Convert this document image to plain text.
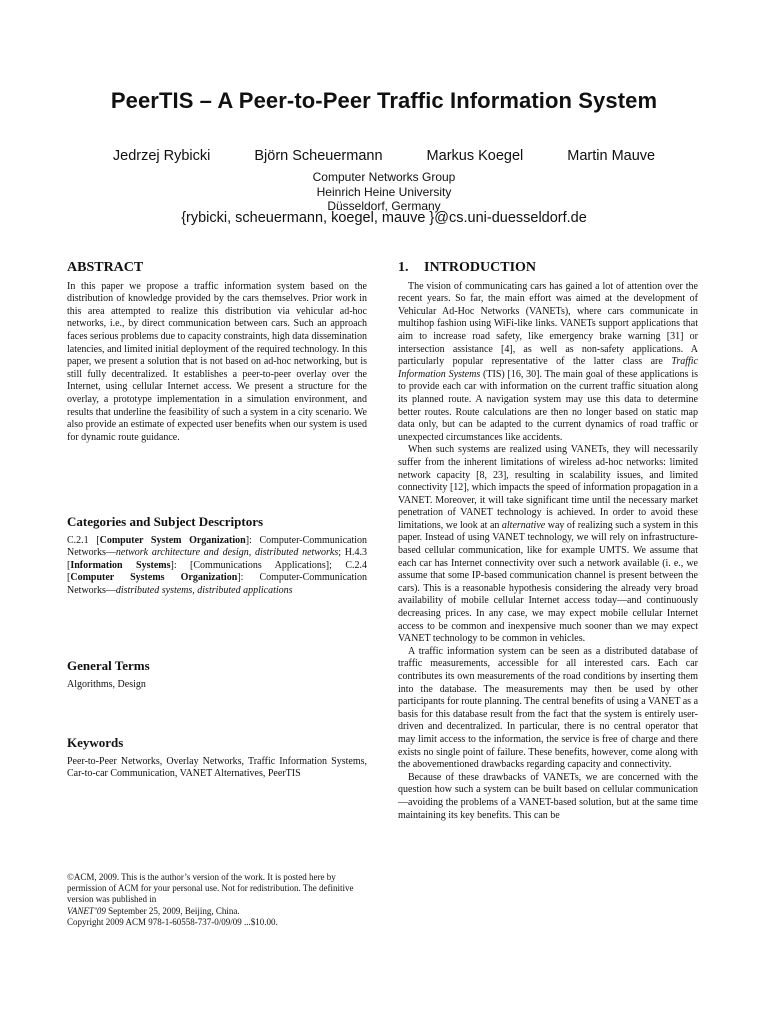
PeerTIS – A Peer-to-Peer Traffic Information System
Jedrzej Rybicki	Björn Scheuermann	Markus Koegel	Martin Mauve
Computer Networks Group
Heinrich Heine University
Düsseldorf, Germany
{rybicki, scheuermann, koegel, mauve }@cs.uni-duesseldorf.de
ABSTRACT

In this paper we propose a traffic information system based on the distribution of knowledge provided by the cars themselves. Prior work in this area attempted to realize this distribution via vehicular ad-hoc networks, i.e., by direct communication between cars. Such an approach faces serious problems due to capacity constraints, high data dissemination latencies, and limited initial deployment of the required technology. In this paper, we present a solution that is not based on ad-hoc networking, but is still fully decentralized. It establishes a peer-to-peer overlay over the Internet, using cellular Internet access. We present a structure for the overlay, a prototype implementation in a simulation environment, and results that underline the feasibility of such a system in a city scenario. We also provide an estimate of expected user benefits when our system is used for dynamic route guidance.

Categories and Subject Descriptors

C.2.1 [Computer System Organization]: Computer-Communication Networks—network architecture and design, distributed networks; H.4.3 [Information Systems]: [Communications Applications]; C.2.4 [Computer Systems Organization]: Computer-Communication Networks—distributed systems, distributed applications

General Terms

Algorithms, Design

Keywords

Peer-to-Peer Networks, Overlay Networks, Traffic Information Systems, Car-to-car Communication, VANET Alternatives, PeerTIS

©ACM, 2009. This is the author’s version of the work. It is posted here by permission of ACM for your personal use. Not for redistribution. The definitive version was published in
VANET’09 September 25, 2009, Beijing, China.
Copyright 2009 ACM 978-1-60558-737-0/09/09 ...$10.00.

1. INTRODUCTION

The vision of communicating cars has gained a lot of attention over the recent years. So far, the main effort was aimed at the development of Vehicular Ad-Hoc Networks (VANETs), where cars communicate in multihop fashion using WiFi-like links. VANETs support applications that aim to increase road safety, like emergency brake warning [31] or intersection assistance [4], as well as non-safety applications. A particularly popular representative of the latter class are Traffic Information Systems (TIS) [16, 30]. The main goal of these applications is to provide each car with information on the current traffic situation along its planned route. A navigation system may use this data to determine better routes. Route calculations are then no longer based on static map data only, but can be adapted to the current dynamics of road traffic or unexpected circumstances like accidents.

When such systems are realized using VANETs, they will necessarily suffer from the inherent limitations of wireless ad-hoc networks: limited network capacity [8, 23], resulting in scalability issues, and limited connectivity [12], which impacts the speed of information propagation in a VANET. Moreover, it will take significant time until the necessary market penetration of VANET technology is achieved. In order to avoid these limitations, we look at an alternative way of realizing such a system in this paper. Instead of using VANET technology, we will rely on infrastructure-based cellular communication, like for example UMTS. We assume that each car has Internet connectivity over such a network available (i. e., we assume that some IP-based communication channel is present between the cars). This is a reasonable hypothesis considering the already very broad availability of mobile cellular Internet access today—and continuously decreasing prices. In any case, we may expect mobile cellular Internet access to be common and inexpensive much sooner than we may expect VANET technology to be common in vehicles.

A traffic information system can be seen as a distributed database of traffic measurements, accessible for all interested cars. Each car contributes its own measurements of the road conditions by inserting them into the database. The measurements may then be used by other participants for route planning. The central benefits of using a VANET as a basis for this database result from the fact that the system is entirely user-driven and decentralized. In particular, there is no central operator that may limit access to the information, the service is free of charge and there exists no single point of failure. These benefits, however, come along with the abovementioned drawbacks regarding capacity and connectivity.

Because of these drawbacks of VANETs, we are concerned with the question how such a system can be built based on cellular communication—avoiding the problems of a VANET-based solution, but at the same time maintaining its key benefits. This can be
